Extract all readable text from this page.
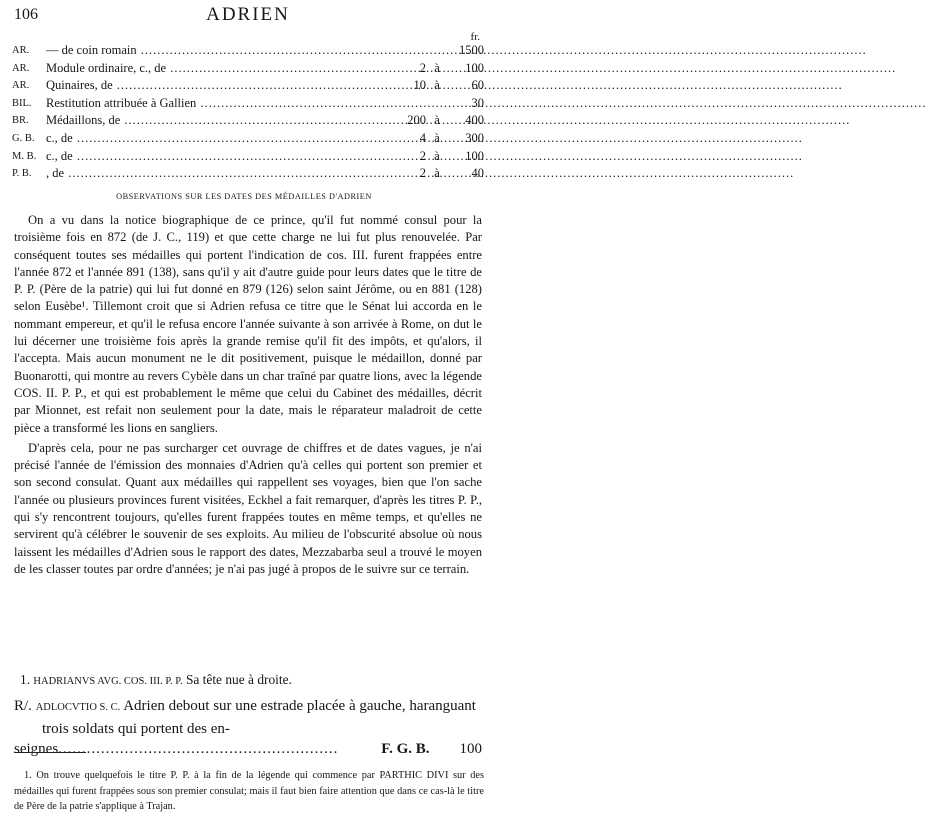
106	ADRIEN
fr.
AR.	— de coin romain .....	1500
AR.	Module ordinaire, c., de .....	2 à 100
AR.	Quinaires, de .....	10 à	60
BIL.	Restitution attribuée à Gallien .....	30
BR.	Médaillons, de .....	200 à 400
G. B. c., de .....	4 à 300
M. B. c., de .....	2 à 100
P. B.	, de .....	2 à	40
OBSERVATIONS SUR LES DATES DES MÉDAILLES D'ADRIEN

On a vu dans la notice biographique de ce prince, qu'il fut nommé consul pour la troisième fois en 872 (de J. C., 119) et que cette charge ne lui fut plus renouvelée. Par conséquent toutes ses médailles qui portent l'indication de cos. III. furent frappées entre l'année 872 et l'année 891 (138), sans qu'il y ait d'autre guide pour leurs dates que le titre de P. P. (Père de la patrie) qui lui fut donné en 879 (126) selon saint Jérôme, ou en 881 (128) selon Eusèbe¹. Tillemont croit que si Adrien refusa ce titre que le Sénat lui accorda en le nommant empereur, et qu'il le refusa encore l'année suivante à son arrivée à Rome, on dut le lui décerner une troisième fois après la grande remise qu'il fit des impôts, et qu'alors, il l'accepta. Mais aucun monument ne le dit positivement, puisque le médaillon, donné par Buonarotti, qui montre au revers Cybèle dans un char traîné par quatre lions, avec la légende COS. II. P. P., et qui est probablement le même que celui du Cabinet des médailles, décrit par Mionnet, est refait non seulement pour la date, mais le réparateur maladroit de cette pièce a transformé les lions en sangliers.

D'après cela, pour ne pas surcharger cet ouvrage de chiffres et de dates vagues, je n'ai précisé l'année de l'émission des monnaies d'Adrien qu'à celles qui portent son premier et son second consulat. Quant aux médailles qui rappellent ses voyages, bien que l'on sache l'année ou plusieurs provinces furent visitées, Eckhel a fait remarquer, d'après les titres P. P., qui s'y rencontrent toujours, qu'elles furent frappées toutes en même temps, et qu'elles ne servirent qu'à célébrer le souvenir de ses exploits. Au milieu de l'obscurité absolue où nous laissent les médailles d'Adrien sous le rapport des dates, Mezzabarba seul a trouvé le moyen de les classer toutes par ordre d'années; je n'ai pas jugé à propos de le suivre sur ce terrain.

1. HADRIANVS AVG. COS. III. P. P. Sa tête nue à droite.
R/. ADLOCVTIO S. C. Adrien debout sur une estrade placée à gauche, haranguant trois soldats qui portent des en-
seignes .....	F. G. B. 100

1. On trouve quelquefois le titre P. P. à la fin de la légende qui commence par PARTHIC DIVI sur des médailles qui furent frappées sous son premier consulat; mais il faut bien faire attention que dans ce cas-là le titre de Père de la patrie s'applique à Trajan.
